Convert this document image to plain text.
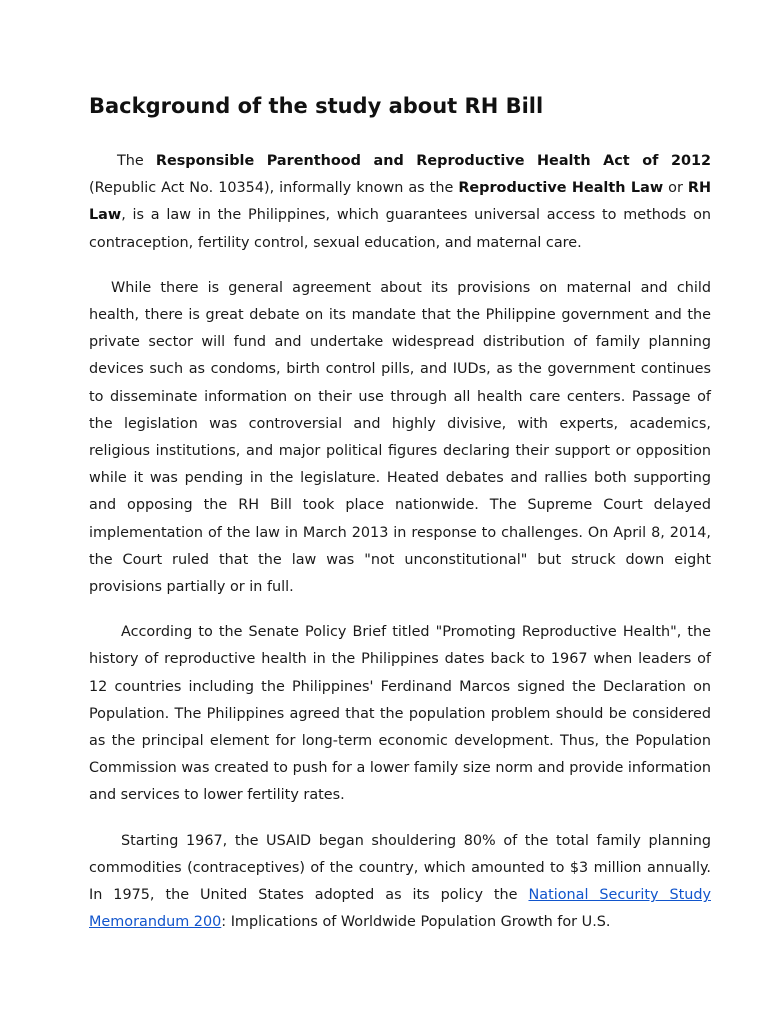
Background of the study about RH Bill

The Responsible Parenthood and Reproductive Health Act of 2012 (Republic Act No. 10354), informally known as the Reproductive Health Law or RH Law, is a law in the Philippines, which guarantees universal access to methods on contraception, fertility control, sexual education, and maternal care.

While there is general agreement about its provisions on maternal and child health, there is great debate on its mandate that the Philippine government and the private sector will fund and undertake widespread distribution of family planning devices such as condoms, birth control pills, and IUDs, as the government continues to disseminate information on their use through all health care centers. Passage of the legislation was controversial and highly divisive, with experts, academics, religious institutions, and major political figures declaring their support or opposition while it was pending in the legislature. Heated debates and rallies both supporting and opposing the RH Bill took place nationwide. The Supreme Court delayed implementation of the law in March 2013 in response to challenges. On April 8, 2014, the Court ruled that the law was "not unconstitutional" but struck down eight provisions partially or in full.

According to the Senate Policy Brief titled "Promoting Reproductive Health", the history of reproductive health in the Philippines dates back to 1967 when leaders of 12 countries including the Philippines' Ferdinand Marcos signed the Declaration on Population. The Philippines agreed that the population problem should be considered as the principal element for long-term economic development. Thus, the Population Commission was created to push for a lower family size norm and provide information and services to lower fertility rates.

Starting 1967, the USAID began shouldering 80% of the total family planning commodities (contraceptives) of the country, which amounted to $3 million annually. In 1975, the United States adopted as its policy the National Security Study Memorandum 200: Implications of Worldwide Population Growth for U.S.
